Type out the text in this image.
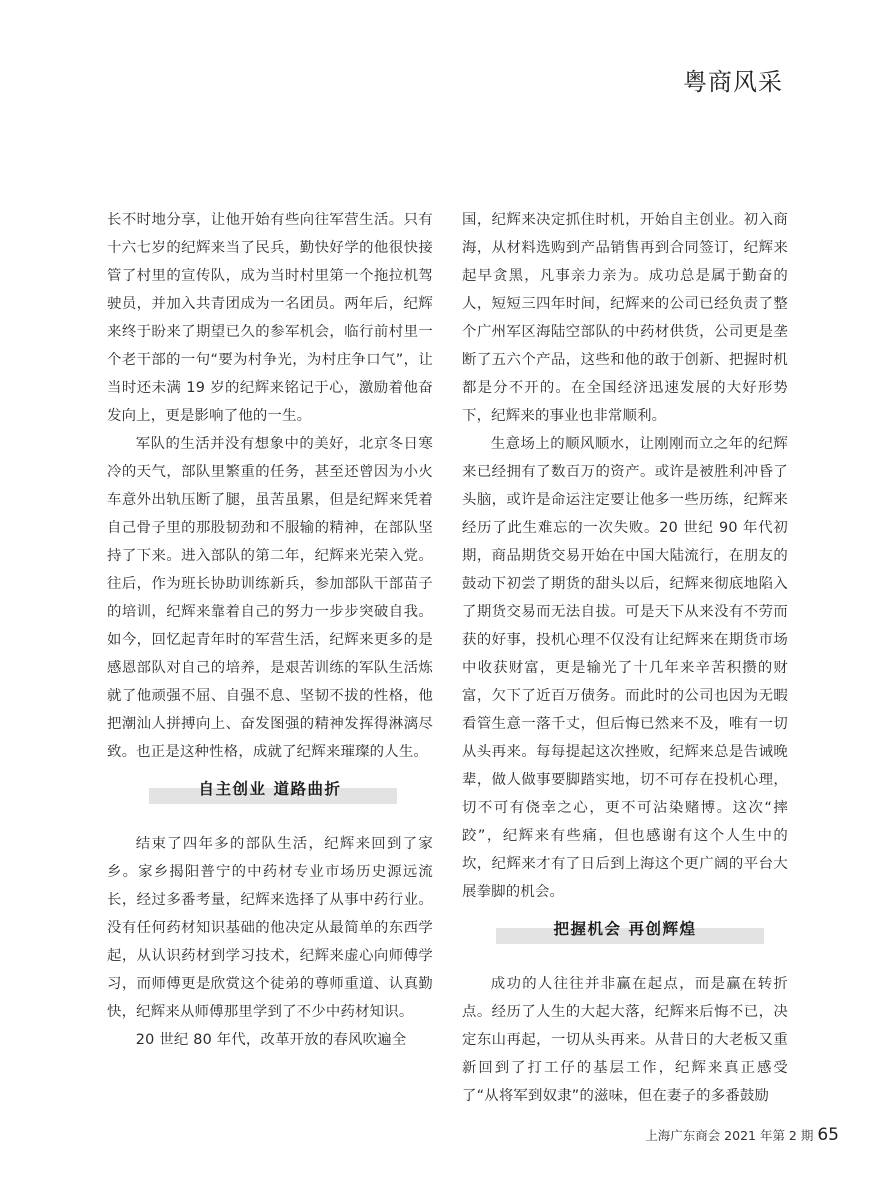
粤商风采

长不时地分享，让他开始有些向往军营生活。只有十六七岁的纪辉来当了民兵，勤快好学的他很快接管了村里的宣传队，成为当时村里第一个拖拉机驾驶员，并加入共青团成为一名团员。两年后，纪辉来终于盼来了期望已久的参军机会，临行前村里一个老干部的一句“要为村争光，为村庄争口气”，让当时还未满 19 岁的纪辉来铭记于心，激励着他奋发向上，更是影响了他的一生。

军队的生活并没有想象中的美好，北京冬日寒冷的天气，部队里繁重的任务，甚至还曾因为小火车意外出轨压断了腿，虽苦虽累，但是纪辉来凭着自己骨子里的那股韧劲和不服输的精神，在部队坚持了下来。进入部队的第二年，纪辉来光荣入党。往后，作为班长协助训练新兵，参加部队干部苗子的培训，纪辉来靠着自己的努力一步步突破自我。如今，回忆起青年时的军营生活，纪辉来更多的是感恩部队对自己的培养，是艰苦训练的军队生活炼就了他顽强不屈、自强不息、坚韧不拔的性格，他把潮汕人拼搏向上、奋发图强的精神发挥得淋漓尽致。也正是这种性格，成就了纪辉来璀璨的人生。

自主创业 道路曲折

结束了四年多的部队生活，纪辉来回到了家乡。家乡揭阳普宁的中药材专业市场历史源远流长，经过多番考量，纪辉来选择了从事中药行业。没有任何药材知识基础的他决定从最简单的东西学起，从认识药材到学习技术，纪辉来虚心向师傅学习，而师傅更是欣赏这个徒弟的尊师重道、认真勤快，纪辉来从师傅那里学到了不少中药材知识。

20 世纪 80 年代，改革开放的春风吹遍全

国，纪辉来决定抓住时机，开始自主创业。初入商海，从材料选购到产品销售再到合同签订，纪辉来起早贪黑，凡事亲力亲为。成功总是属于勤奋的人，短短三四年时间，纪辉来的公司已经负责了整个广州军区海陆空部队的中药材供货，公司更是垄断了五六个产品，这些和他的敢于创新、把握时机都是分不开的。在全国经济迅速发展的大好形势下，纪辉来的事业也非常顺利。

生意场上的顺风顺水，让刚刚而立之年的纪辉来已经拥有了数百万的资产。或许是被胜利冲昏了头脑，或许是命运注定要让他多一些历练，纪辉来经历了此生难忘的一次失败。20 世纪 90 年代初期，商品期货交易开始在中国大陆流行，在朋友的鼓动下初尝了期货的甜头以后，纪辉来彻底地陷入了期货交易而无法自拔。可是天下从来没有不劳而获的好事，投机心理不仅没有让纪辉来在期货市场中收获财富，更是输光了十几年来辛苦积攒的财富，欠下了近百万债务。而此时的公司也因为无暇看管生意一落千丈，但后悔已然来不及，唯有一切从头再来。每每提起这次挫败，纪辉来总是告诫晚辈，做人做事要脚踏实地，切不可存在投机心理，切不可有侥幸之心，更不可沾染赌博。这次“摔跤”，纪辉来有些痛，但也感谢有这个人生中的坎，纪辉来才有了日后到上海这个更广阔的平台大展拳脚的机会。

把握机会 再创辉煌

成功的人往往并非赢在起点，而是赢在转折点。经历了人生的大起大落，纪辉来后悔不已，决定东山再起，一切从头再来。从昔日的大老板又重新回到了打工仔的基层工作，纪辉来真正感受了“从将军到奴隶”的滋味，但在妻子的多番鼓励

上海广东商会 2021 年第 2 期 65
